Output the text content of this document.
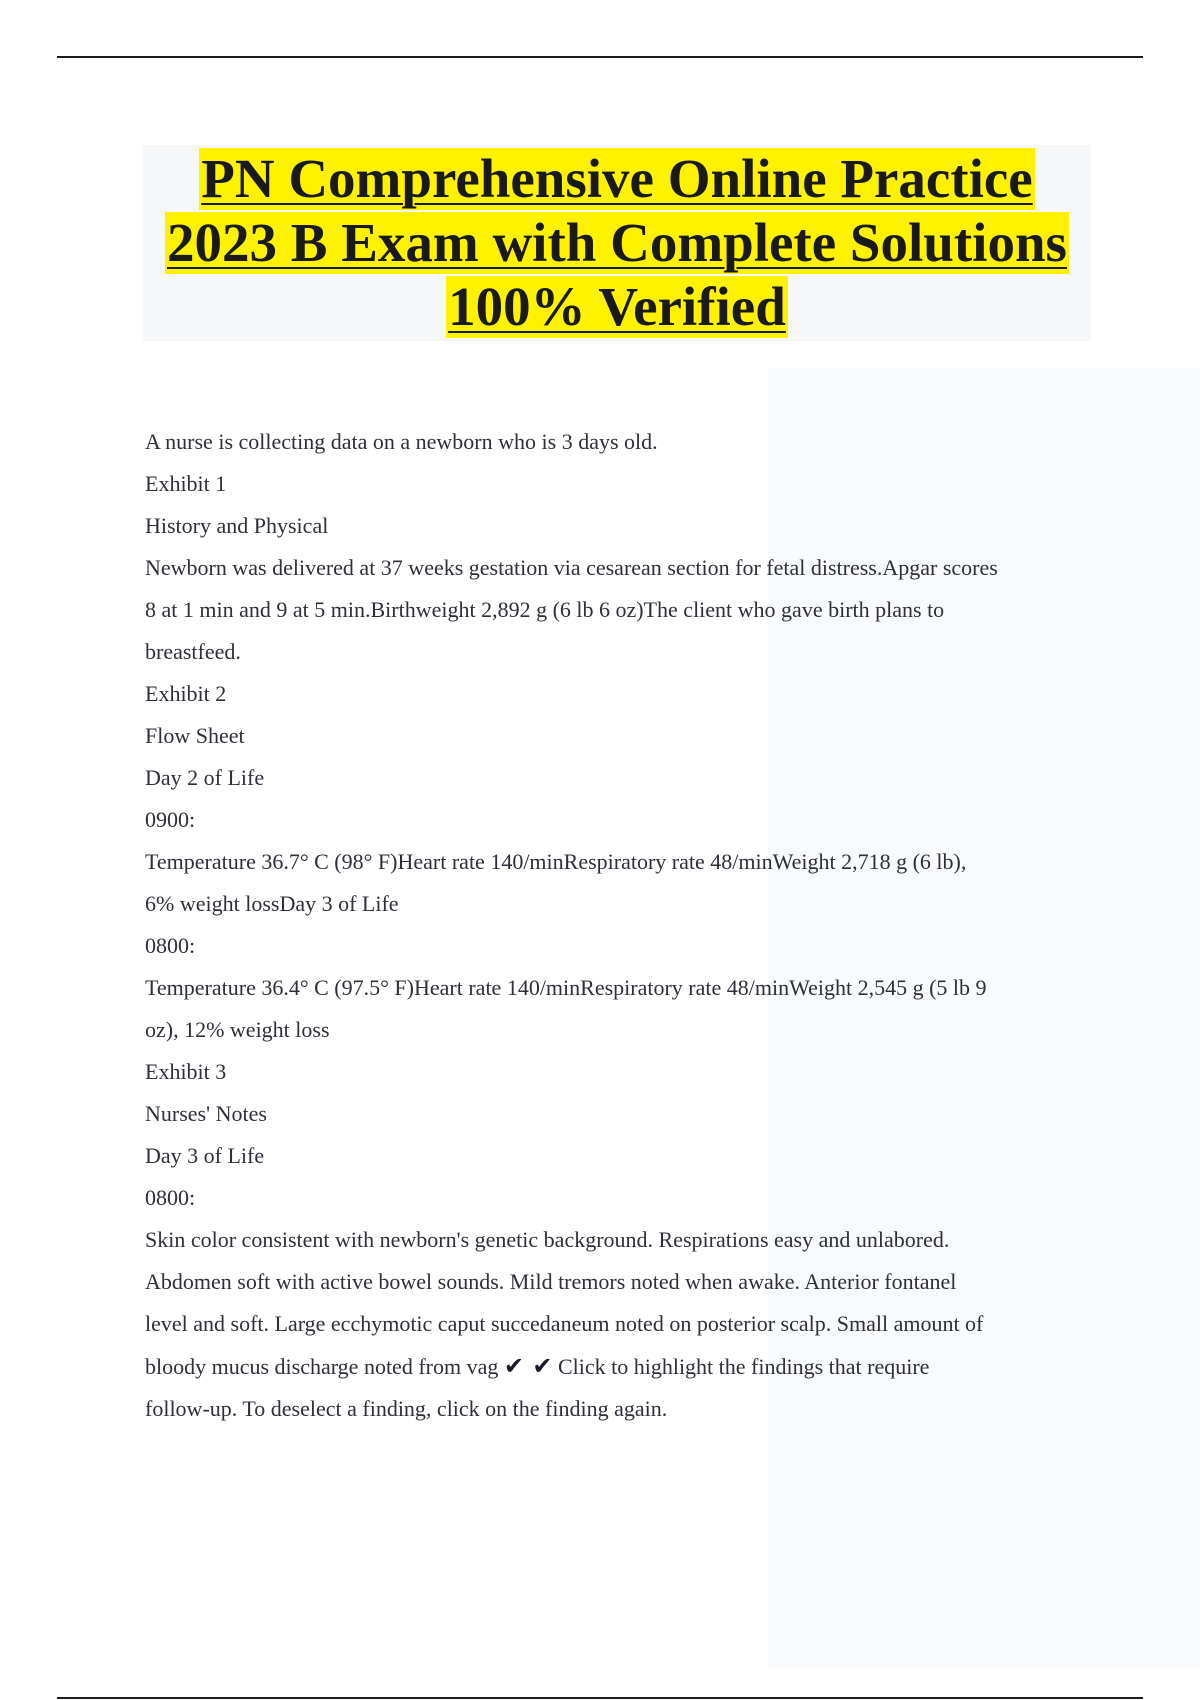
PN Comprehensive Online Practice
2023 B Exam with Complete Solutions
100% Verified
A nurse is collecting data on a newborn who is 3 days old.
Exhibit 1
History and Physical
Newborn was delivered at 37 weeks gestation via cesarean section for fetal distress.Apgar scores
8 at 1 min and 9 at 5 min.Birthweight 2,892 g (6 lb 6 oz)The client who gave birth plans to
breastfeed.
Exhibit 2
Flow Sheet
Day 2 of Life
0900:
Temperature 36.7° C (98° F)Heart rate 140/minRespiratory rate 48/minWeight 2,718 g (6 lb),
6% weight lossDay 3 of Life
0800:
Temperature 36.4° C (97.5° F)Heart rate 140/minRespiratory rate 48/minWeight 2,545 g (5 lb 9
oz), 12% weight loss
Exhibit 3
Nurses' Notes
Day 3 of Life
0800:
Skin color consistent with newborn's genetic background. Respirations easy and unlabored.
Abdomen soft with active bowel sounds. Mild tremors noted when awake. Anterior fontanel
level and soft. Large ecchymotic caput succedaneum noted on posterior scalp. Small amount of
bloody mucus discharge noted from vag ✔ ✔ Click to highlight the findings that require
follow-up. To deselect a finding, click on the finding again.
